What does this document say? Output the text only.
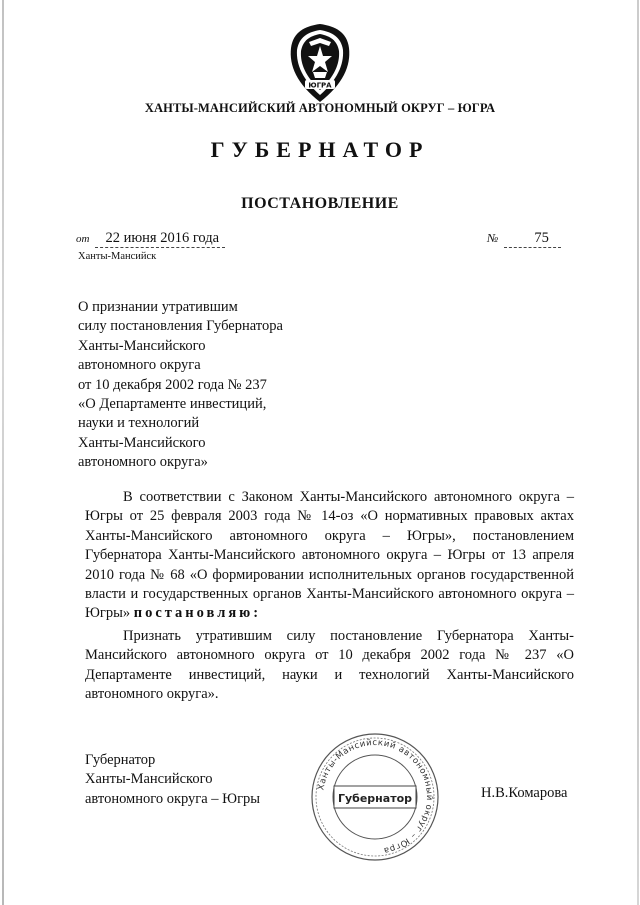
ЮГРА
ХАНТЫ-МАНСИЙСКИЙ АВТОНОМНЫЙ ОКРУГ – ЮГРА
ГУБЕРНАТОР
ПОСТАНОВЛЕНИЕ
от	22 июня 2016 года	№	75
Ханты-Мансийск
О признании утратившим
силу постановления Губернатора
Ханты-Мансийского
автономного округа
от 10 декабря 2002 года № 237
«О Департаменте инвестиций,
науки и технологий
Ханты-Мансийского
автономного округа»
В соответствии с Законом Ханты-Мансийского автономного округа – Югры от 25 февраля 2003 года № 14-оз «О нормативных правовых актах Ханты-Мансийского автономного округа – Югры», постановлением Губернатора Ханты-Мансийского автономного округа – Югры от 13 апреля 2010 года № 68 «О формировании исполнительных органов государственной власти и государственных органов Ханты-Мансийского автономного округа – Югры» постановляю:
Признать утратившим силу постановление Губернатора Ханты-Мансийского автономного округа от 10 декабря 2002 года № 237 «О Департаменте инвестиций, науки и технологий Ханты-Мансийского автономного округа».
Губернатор
Ханты-Мансийского
автономного округа – Югры
Ханты-Мансийский автономный округ – Югра
Губернатор	Н.В.Комарова
